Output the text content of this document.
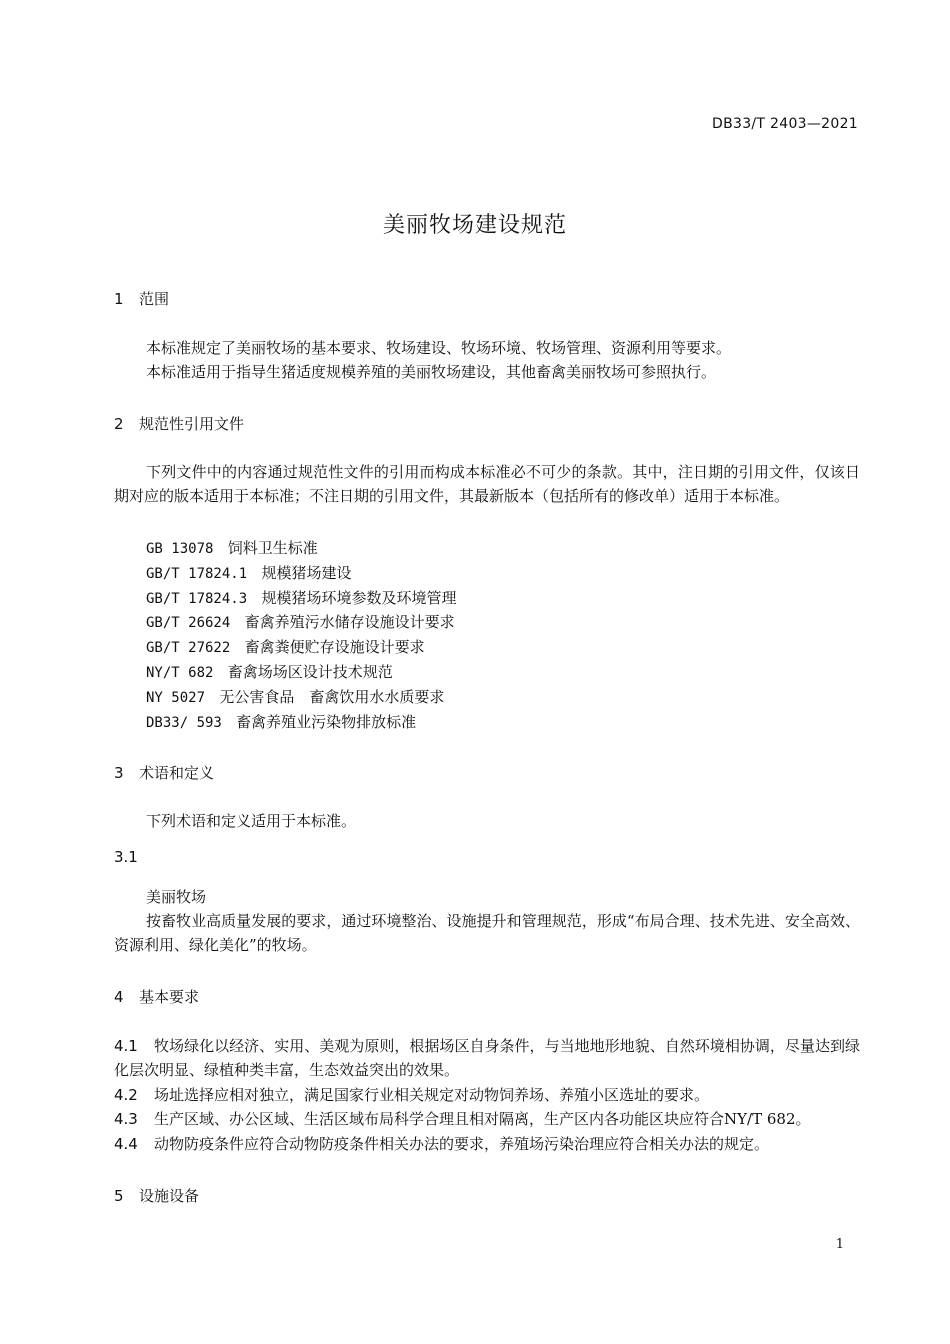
DB33/T 2403—2021
美丽牧场建设规范
1 范围
本标准规定了美丽牧场的基本要求、牧场建设、牧场环境、牧场管理、资源利用等要求。
本标准适用于指导生猪适度规模养殖的美丽牧场建设，其他畜禽美丽牧场可参照执行。
2 规范性引用文件
下列文件中的内容通过规范性文件的引用而构成本标准必不可少的条款。其中，注日期的引用文件，仅该日期对应的版本适用于本标准；不注日期的引用文件，其最新版本（包括所有的修改单）适用于本标准。
GB 13078 饲料卫生标准
GB/T 17824.1 规模猪场建设
GB/T 17824.3 规模猪场环境参数及环境管理
GB/T 26624 畜禽养殖污水储存设施设计要求
GB/T 27622 畜禽粪便贮存设施设计要求
NY/T 682 畜禽场场区设计技术规范
NY 5027 无公害食品　畜禽饮用水水质要求
DB33/ 593 畜禽养殖业污染物排放标准
3 术语和定义
下列术语和定义适用于本标准。
3.1
美丽牧场
按畜牧业高质量发展的要求，通过环境整治、设施提升和管理规范，形成“布局合理、技术先进、安全高效、资源利用、绿化美化”的牧场。
4 基本要求
4.1 牧场绿化以经济、实用、美观为原则，根据场区自身条件，与当地地形地貌、自然环境相协调，尽量达到绿化层次明显、绿植种类丰富，生态效益突出的效果。
4.2 场址选择应相对独立，满足国家行业相关规定对动物饲养场、养殖小区选址的要求。
4.3 生产区域、办公区域、生活区域布局科学合理且相对隔离，生产区内各功能区块应符合NY/T 682。
4.4 动物防疫条件应符合动物防疫条件相关办法的要求，养殖场污染治理应符合相关办法的规定。
5 设施设备
1
